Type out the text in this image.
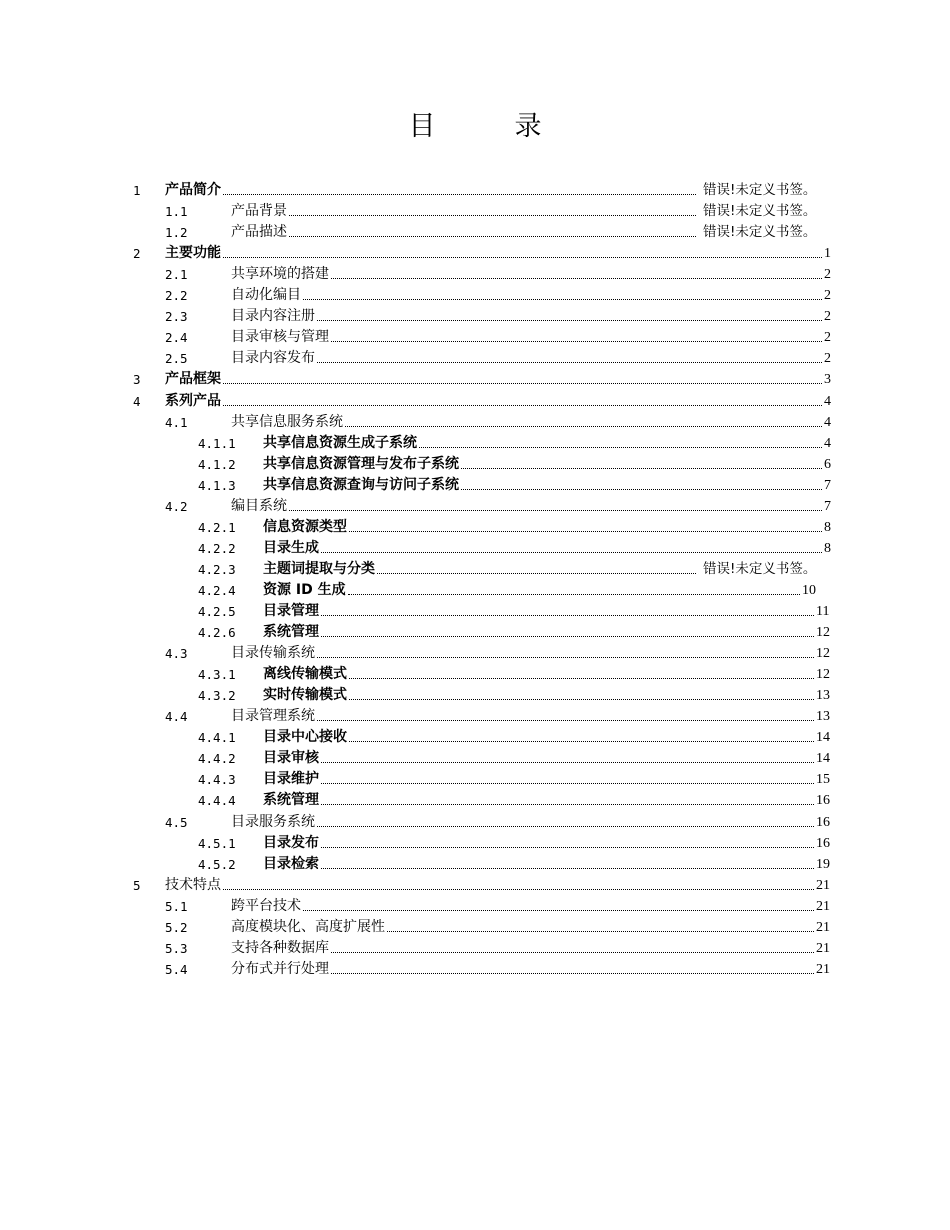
目　录
1 产品简介	错误!未定义书签。
1.1	产品背景	错误!未定义书签。
1.2	产品描述	错误!未定义书签。
2 主要功能	1
2.1	共享环境的搭建	2
2.2	自动化编目	2
2.3	目录内容注册	2
2.4	目录审核与管理	2
2.5	目录内容发布	2
3 产品框架	3
4 系列产品	4
4.1	共享信息服务系统	4
4.1.1 共享信息资源生成子系统	4
4.1.2 共享信息资源管理与发布子系统	6
4.1.3 共享信息资源查询与访问子系统	7
4.2	编目系统	7
4.2.1 信息资源类型	8
4.2.2 目录生成	8
4.2.3 主题词提取与分类	错误!未定义书签。
4.2.4 资源 ID 生成	10
4.2.5 目录管理	11
4.2.6 系统管理	12
4.3	目录传输系统	12
4.3.1 离线传输模式	12
4.3.2 实时传输模式	13
4.4	目录管理系统	13
4.4.1 目录中心接收	14
4.4.2 目录审核	14
4.4.3 目录维护	15
4.4.4 系统管理	16
4.5	目录服务系统	16
4.5.1 目录发布	16
4.5.2 目录检索	19
5 技术特点	21
5.1	跨平台技术	21
5.2	高度模块化、高度扩展性	21
5.3	支持各种数据库	21
5.4	分布式并行处理	21
